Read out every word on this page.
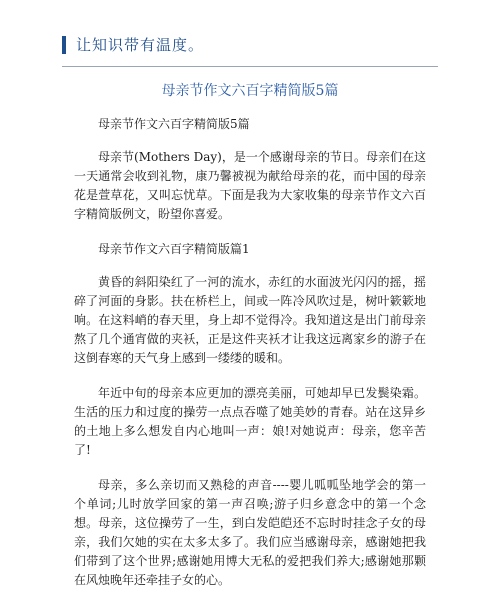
让知识带有温度。
母亲节作文六百字精简版5篇

母亲节作文六百字精简版5篇

母亲节(Mothers Day)，是一个感谢母亲的节日。母亲们在这一天通常会收到礼物，康乃馨被视为献给母亲的花，而中国的母亲花是萱草花，又叫忘忧草。下面是我为大家收集的母亲节作文六百字精简版例文，盼望你喜爱。

母亲节作文六百字精简版篇1

黄昏的斜阳染红了一河的流水，赤红的水面波光闪闪的摇，摇碎了河面的身影。扶在桥栏上，间或一阵冷风吹过是，树叶簌簌地响。在这料峭的春天里，身上却不觉得冷。我知道这是出门前母亲熬了几个通宵做的夹袄，正是这件夹袄才让我这远离家乡的游子在这倒春寒的天气身上感到一缕缕的暖和。

年近中旬的母亲本应更加的漂亮美丽，可她却早已发鬓染霜。生活的压力和过度的操劳一点点吞噬了她美妙的青春。站在这异乡的土地上多么想发自内心地叫一声：娘!对她说声：母亲，您辛苦了!

母亲，多么亲切而又熟稔的声音----婴儿呱呱坠地学会的第一个单词;儿时放学回家的第一声召唤;游子归乡意念中的第一个念想。母亲，这位操劳了一生，到白发皑皑还不忘时时挂念子女的母亲，我们欠她的实在太多太多了。我们应当感谢母亲，感谢她把我们带到了这个世界;感谢她用博大无私的爱把我们养大;感谢她那颗在风烛晚年还牵挂子女的心。
